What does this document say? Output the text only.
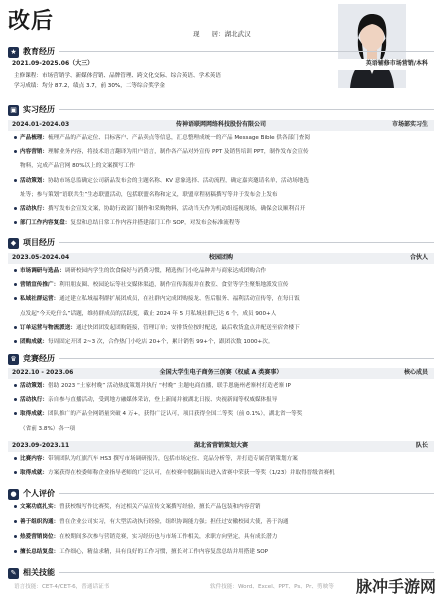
改后	现 居：湖北武汉
★ 教育经历
2021.09-2025.06（大三）	英语辅修市场营销/本科
主修课程：市场营销学、新媒体营销、品牌管理、跨文化交际、综合英语、学术英语
学习成绩：均分 87.2，绩点 3.7，前 30%，二等综合奖学金
▣ 实习经历
2024.01-2024.03	传神语联网网络科技股份有限公司	市场部实习生
产品梳理：梳理产品的产品定位、目标客户、产品卖点等信息，汇总整理成统一的产品 Message Bible 供各部门查阅
内容营销：理解业务内容，将技术语言翻译为用户语言，制作各产品对外宣传 PPT 及销售培训 PPT，制作发布会宣传
物料，完成产品官网 80%以上的文案撰写工作
活动策划：协助市场总监确定公司新品发布会的主题名称、KV 意象选择、活动流程，确定嘉宾邀请名单，活动场地选
址等；参与策划“语联共生”生态联盟活动，包括联盟名称和定义，联盟章程初稿撰写等并于发布会上发布
活动执行：撰写发布会宣发文案，协助行政部门制作和采购物料，活动当天作为机动组巡视现场，确保会议顺利召开
部门工作内容复盘：复盘和总结日常工作内容并搭建部门工作 SOP，对发布会标准流程等
◆ 项目经历
2023.05-2024.04	校园团购	合伙人
市场调研与选品：调研校园内学生的饮食偏好与消费习惯，精选热门小吃品种并与商家达成团购合作
营销宣传推广：利用朋友圈、校园论坛等社交媒体渠道，制作宣传海报并在教室、食堂等学生聚集地派发宣传
私域社群运营：通过建立私域福利群扩展团成员，在社群内完成团购接龙、售后服务、福利活动宣传等，在每日饭
点发起“今天吃什么”话题，维持群成员的活跃度，截止 2024 年 5 月私域社群已达 6 个，成员 900+人
订单运营与物流派送：通过快团团发起团购链接，管理订单；安排货位按时配送，最后收货盒点并配送至宿舍楼下
团购成就：每周固定开团 2~3 次，合作热门小吃店 20+个，累计销售 99+个，跟团次数 1000+次。
♛ 竞赛经历
2022.10 - 2023.06	全国大学生电子商务三创赛（权威 A 类赛事）	核心成员
活动策划：借助 2023 “土家村晚” 活动热度策划并执行 “村晚” 主题电商直播，联手恩施州老寨村打造老寨 IP
活动执行：亲自参与直播活动，受到地方融媒体采访，登上新闻并被湖北日报、央视新闻等权威媒体报导
取得成就：团队推广的产品全网销量突破 4 万+，获得广泛认可，项目获得全国二等奖（前 0.1%），湖北省一等奖
（省前 3.8%）各一项
2023.09-2023.11	湖北省营销策划大赛	队长
比赛内容：带领团队为红旗汽车 HS3 撰写市场调研报告，包括市场定位、竞品分析等，并打造专属营销策划方案
取得成就：方案获得在校委师称企业指导老师的广泛认可，在校赛中脱颖而出进入省赛中荣获一等奖（1/23）并取得晋级省赛机
● 个人评价
文案功底扎实：曾获校级写作比赛奖，有过相关产品宣传文案撰写经验，擅长产品包装和内容营销
善于组织沟通：曾在企业公司实习，有大型活动执行经验，组织协调能力强；担任过安徽校园大使，善于沟通
热爱营销岗位：在校期间多次参与营销竞赛，实习经历也与市场工作相关，求职方向坚定，具有成长潜力
擅长总结复盘：工作细心，精益求精，具有良好的工作习惯，擅长对工作内容复盘总结并用搭建 SOP
✎ 相关技能
语言技能：CET-4/CET-6，普通话证书	软件技能：Word、Excel、PPT、Ps、Pr、剪映等 脉冲手游网
